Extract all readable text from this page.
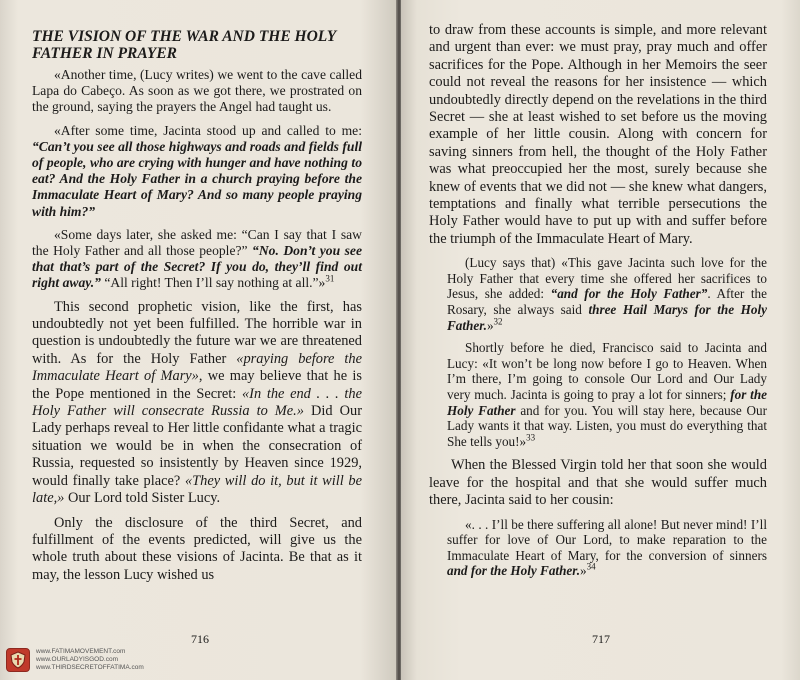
THE VISION OF THE WAR AND THE HOLY FATHER IN PRAYER

«Another time, (Lucy writes) we went to the cave called Lapa do Cabeço. As soon as we got there, we prostrated on the ground, saying the prayers the Angel had taught us.

«After some time, Jacinta stood up and called to me: “Can’t you see all those highways and roads and fields full of people, who are crying with hunger and have nothing to eat? And the Holy Father in a church praying before the Immaculate Heart of Mary? And so many people praying with him?”

«Some days later, she asked me: “Can I say that I saw the Holy Father and all those people?” “No. Don’t you see that that’s part of the Secret? If you do, they’ll find out right away.” “All right! Then I’ll say nothing at all.”»$^{31}$

This second prophetic vision, like the first, has undoubtedly not yet been fulfilled. The horrible war in question is undoubtedly the future war we are threatened with. As for the Holy Father «praying before the Immaculate Heart of Mary», we may believe that he is the Pope mentioned in the Secret: «In the end . . . the Holy Father will consecrate Russia to Me.» Did Our Lady perhaps reveal to Her little confidante what a tragic situation we would be in when the consecration of Russia, requested so insistently by Heaven since 1929, would finally take place? «They will do it, but it will be late,» Our Lord told Sister Lucy.

Only the disclosure of the third Secret, and fulfillment of the events predicted, will give us the whole truth about these visions of Jacinta. Be that as it may, the lesson Lucy wished us

716
www.FATIMAMOVEMENT.com
www.OURLADYISGOD.com
www.THIRDSECRETOFFATIMA.com

to draw from these accounts is simple, and more relevant and urgent than ever: we must pray, pray much and offer sacrifices for the Pope. Although in her Memoirs the seer could not reveal the reasons for her insistence — which undoubtedly directly depend on the revelations in the third Secret — she at least wished to set before us the moving example of her little cousin. Along with concern for saving sinners from hell, the thought of the Holy Father was what preoccupied her the most, surely because she knew of events that we did not — she knew what dangers, temptations and finally what terrible persecutions the Holy Father would have to put up with and suffer before the triumph of the Immaculate Heart of Mary.

(Lucy says that) «This gave Jacinta such love for the Holy Father that every time she offered her sacrifices to Jesus, she added: “and for the Holy Father”. After the Rosary, she always said three Hail Marys for the Holy Father.»$^{32}$

Shortly before he died, Francisco said to Jacinta and Lucy: «It won’t be long now before I go to Heaven. When I’m there, I’m going to console Our Lord and Our Lady very much. Jacinta is going to pray a lot for sinners; for the Holy Father and for you. You will stay here, because Our Lady wants it that way. Listen, you must do everything that She tells you!»$^{33}$

When the Blessed Virgin told her that soon she would leave for the hospital and that she would suffer much there, Jacinta said to her cousin:

«. . . I’ll be there suffering all alone! But never mind! I’ll suffer for love of Our Lord, to make reparation to the Immaculate Heart of Mary, for the conversion of sinners and for the Holy Father.»$^{34}$

717
